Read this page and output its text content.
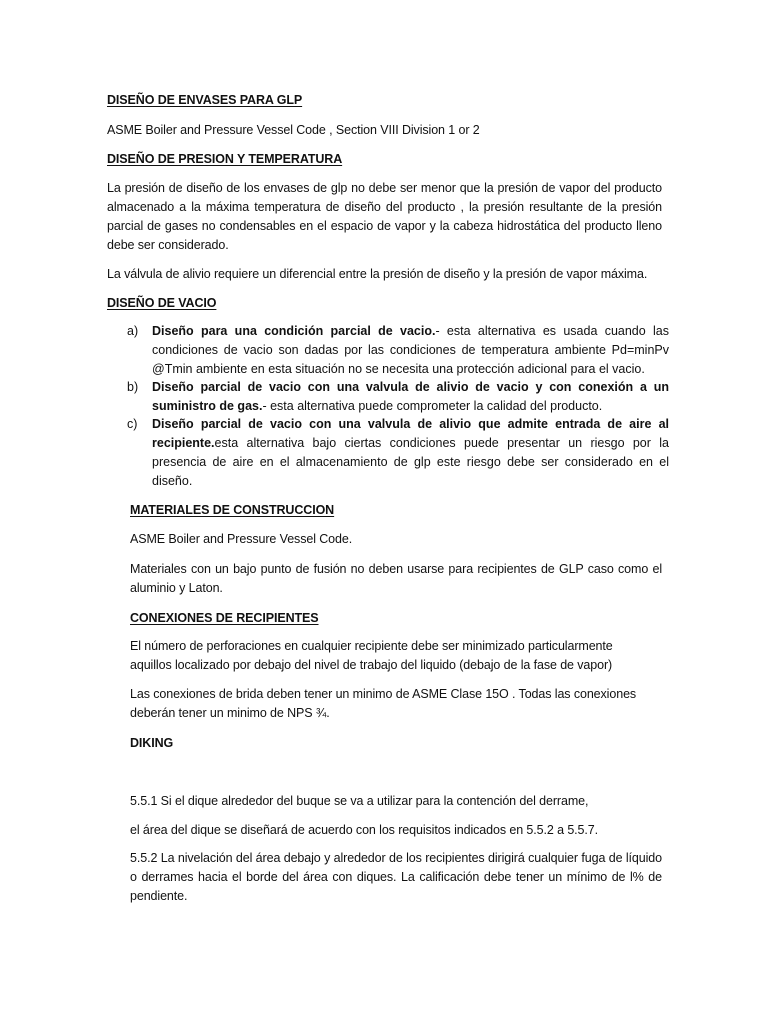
DISEÑO DE ENVASES PARA GLP

ASME Boiler and Pressure Vessel Code , Section VIII Division 1 or 2

DISEÑO DE PRESION Y TEMPERATURA

La presión de diseño de los envases de glp no debe ser menor que la presión de vapor del producto almacenado a la máxima temperatura de diseño del producto , la presión resultante de la presión parcial de gases no condensables en el espacio de vapor y la cabeza hidrostática del producto lleno debe ser considerado.

La válvula de alivio requiere un diferencial entre la presión de diseño y la presión de vapor máxima.

DISEÑO DE VACIO

a)	Diseño para una condición parcial de vacio.- esta alternativa es usada cuando las condiciones de vacio son dadas por las condiciones de temperatura ambiente Pd=minPv @Tmin ambiente en esta situación no se necesita una protección adicional para el vacio.
b)	Diseño parcial de vacio con una valvula de alivio de vacio y con conexión a un suministro de gas.- esta alternativa puede comprometer la calidad del producto.
c)	Diseño parcial de vacio con una valvula de alivio que admite entrada de aire al recipiente.esta alternativa bajo ciertas condiciones puede presentar un riesgo por la presencia de aire en el almacenamiento de glp este riesgo debe ser considerado en el diseño.

MATERIALES DE CONSTRUCCION

ASME Boiler and Pressure Vessel Code.

Materiales con un bajo punto de fusión no deben usarse para recipientes de GLP caso como el aluminio y Laton.

CONEXIONES DE RECIPIENTES

El número de perforaciones en cualquier recipiente debe ser minimizado particularmente aquillos localizado por debajo del nivel de trabajo del liquido (debajo de la fase de vapor)

Las conexiones de brida deben tener un minimo de ASME Clase 15O . Todas las conexiones deberán tener un minimo de NPS ¾.

DIKING

5.5.1 Si el dique alrededor del buque se va a utilizar para la contención del derrame,

el área del dique se diseñará de acuerdo con los requisitos indicados en 5.5.2 a 5.5.7.

5.5.2 La nivelación del área debajo y alrededor de los recipientes dirigirá cualquier fuga de líquido o derrames hacia el borde del área con diques. La calificación debe tener un mínimo de l% de pendiente.
